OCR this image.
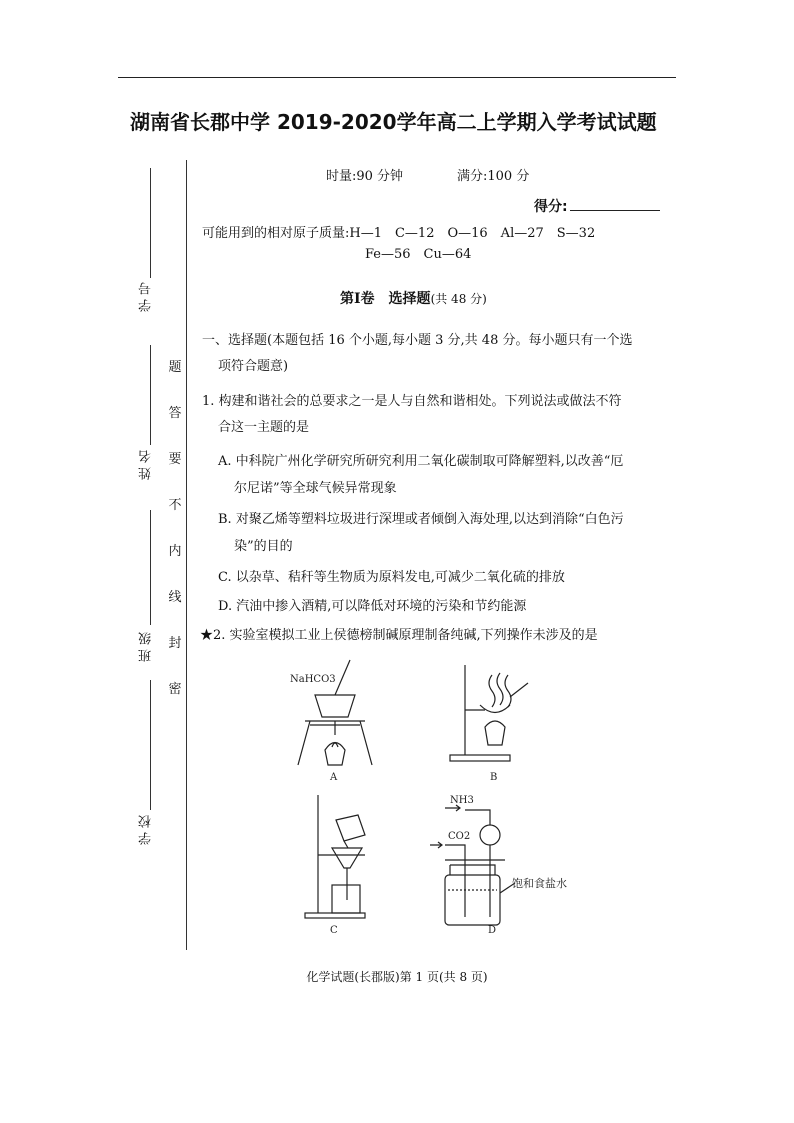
湖南省长郡中学 2019-2020学年高二上学期入学考试试题
学 号
姓 名
班 级
学 校
题
答
要
不
内
线
封
密
时量:90 分钟	满分:100 分
得分:
可能用到的相对原子质量:H—1　C—12　O—16　Al—27　S—32
Fe—56　Cu—64
第Ⅰ卷　选择题(共 48 分)
一、选择题(本题包括 16 个小题,每小题 3 分,共 48 分。每小题只有一个选
项符合题意)
1. 构建和谐社会的总要求之一是人与自然和谐相处。下列说法或做法不符
合这一主题的是
A. 中科院广州化学研究所研究利用二氧化碳制取可降解塑料,以改善“厄
尔尼诺”等全球气候异常现象
B. 对聚乙烯等塑料垃圾进行深埋或者倾倒入海处理,以达到消除“白色污
染”的目的
C. 以杂草、秸秆等生物质为原料发电,可减少二氧化硫的排放
D. 汽油中掺入酒精,可以降低对环境的污染和节约能源
★2. 实验室模拟工业上侯德榜制碱原理制备纯碱,下列操作未涉及的是
NaHCO3
NH3
CO2
饱和食盐水
A	B
C	D
化学试题(长郡版)第 1 页(共 8 页)
